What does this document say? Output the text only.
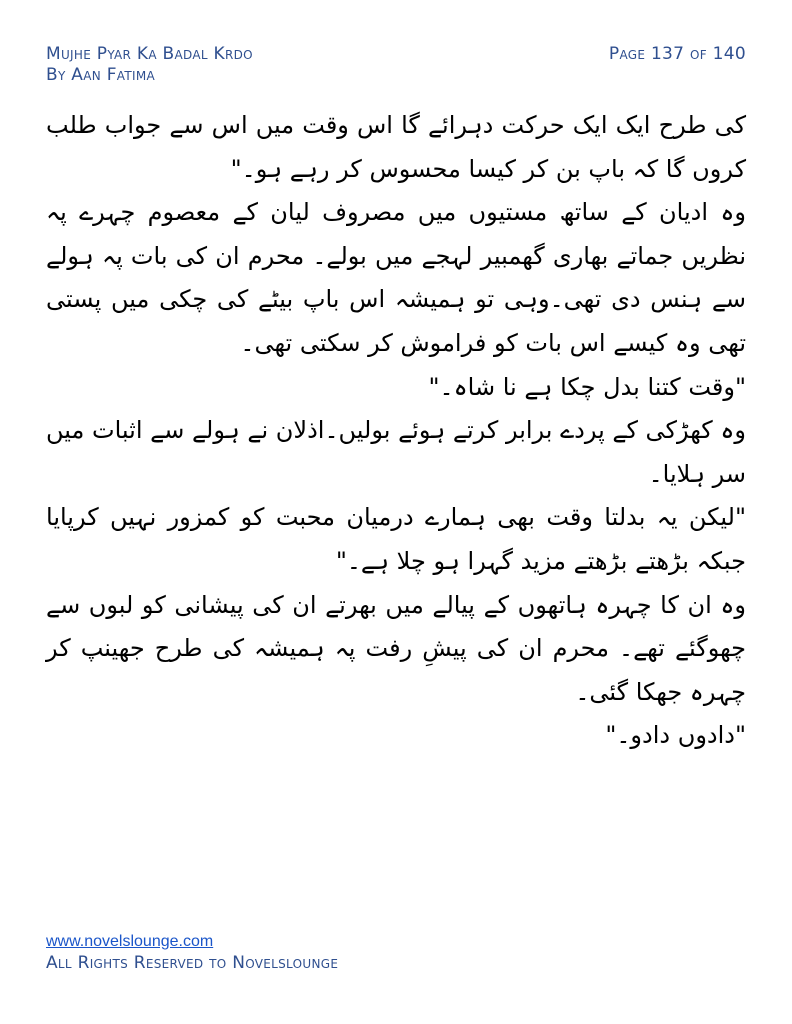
Mujhe Pyar Ka Badal Krdo
By Aan Fatima
Page 137 of 140

کی طرح ایک ایک حرکت دہرائے گا اس وقت میں اس سے جواب طلب کروں گا کہ باپ بن کر کیسا محسوس کر رہے ہو۔"

وہ ادیان کے ساتھ مستیوں میں مصروف لیان کے معصوم چہرے پہ نظریں جماتے بھاری گھمبیر لہجے میں بولے۔ محرم ان کی بات پہ ہولے سے ہنس دی تھی۔وہی تو ہمیشہ اس باپ بیٹے کی چکی میں پستی تھی وہ کیسے اس بات کو فراموش کر سکتی تھی۔

"وقت کتنا بدل چکا ہے نا شاہ۔"

وہ کھڑکی کے پردے برابر کرتے ہوئے بولیں۔اذلان نے ہولے سے اثبات میں سر ہلایا۔

"لیکن یہ بدلتا وقت بھی ہمارے درمیان محبت کو کمزور نہیں کرپایا جبکہ بڑھتے بڑھتے مزید گہرا ہو چلا ہے۔"

وہ ان کا چہرہ ہاتھوں کے پیالے میں بھرتے ان کی پیشانی کو لبوں سے چھوگئے تھے۔ محرم ان کی پیشِ رفت پہ ہمیشہ کی طرح جھینپ کر چہرہ جھکا گئی۔

"دادوں دادو۔"

www.novelslounge.com
All Rights Reserved to Novelslounge
